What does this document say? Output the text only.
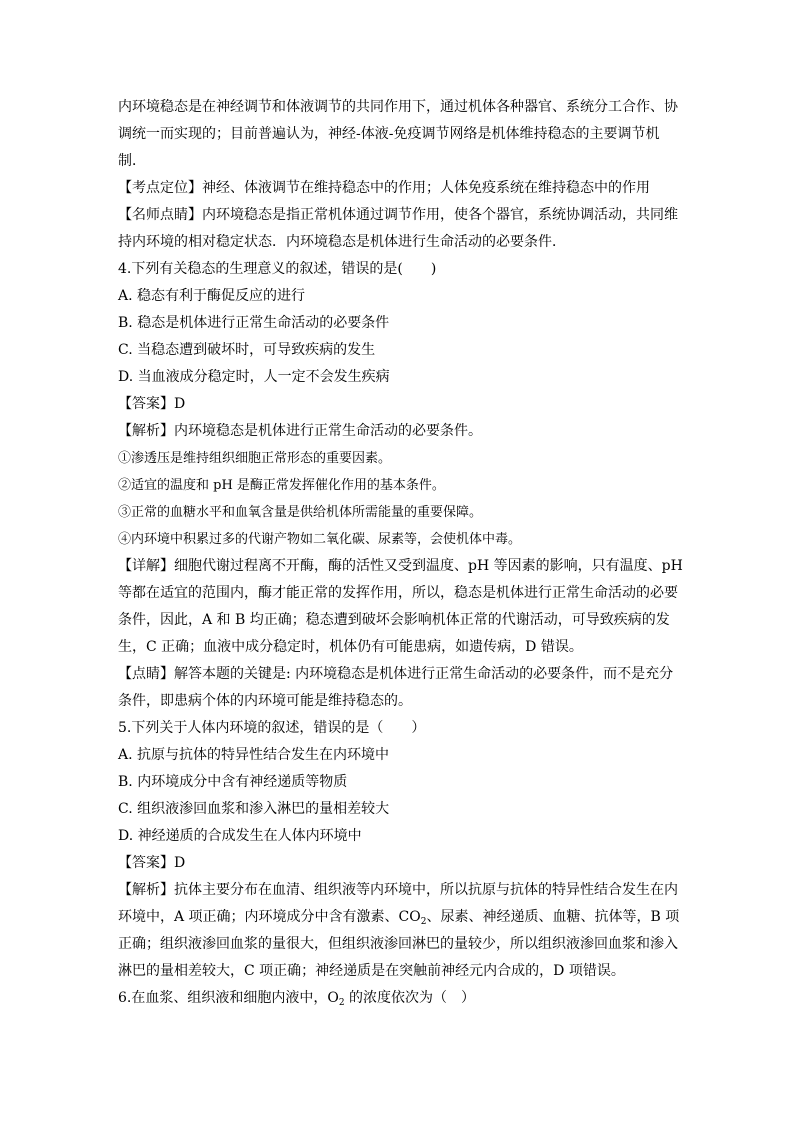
内环境稳态是在神经调节和体液调节的共同作用下，通过机体各种器官、系统分工合作、协
调统一而实现的；目前普遍认为，神经-体液-免疫调节网络是机体维持稳态的主要调节机
制．
【考点定位】神经、体液调节在维持稳态中的作用；人体免疫系统在维持稳态中的作用
【名师点睛】内环境稳态是指正常机体通过调节作用，使各个器官，系统协调活动，共同维
持内环境的相对稳定状态．内环境稳态是机体进行生命活动的必要条件．
4.下列有关稳态的生理意义的叙述，错误的是(　　)
A. 稳态有利于酶促反应的进行
B. 稳态是机体进行正常生命活动的必要条件
C. 当稳态遭到破坏时，可导致疾病的发生
D. 当血液成分稳定时，人一定不会发生疾病
【答案】D
【解析】内环境稳态是机体进行正常生命活动的必要条件。
①渗透压是维持组织细胞正常形态的重要因素。
②适宜的温度和 pH 是酶正常发挥催化作用的基本条件。
③正常的血糖水平和血氧含量是供给机体所需能量的重要保障。
④内环境中积累过多的代谢产物如二氧化碳、尿素等，会使机体中毒。
【详解】细胞代谢过程离不开酶，酶的活性又受到温度、pH 等因素的影响，只有温度、pH
等都在适宜的范围内，酶才能正常的发挥作用，所以，稳态是机体进行正常生命活动的必要
条件，因此，A 和 B 均正确；稳态遭到破坏会影响机体正常的代谢活动，可导致疾病的发
生，C 正确；血液中成分稳定时，机体仍有可能患病，如遗传病，D 错误。
【点睛】解答本题的关键是: 内环境稳态是机体进行正常生命活动的必要条件，而不是充分
条件，即患病个体的内环境可能是维持稳态的。
5.下列关于人体内环境的叙述，错误的是（　　）
A. 抗原与抗体的特异性结合发生在内环境中
B. 内环境成分中含有神经递质等物质
C. 组织液渗回血浆和渗入淋巴的量相差较大
D. 神经递质的合成发生在人体内环境中
【答案】D
【解析】抗体主要分布在血清、组织液等内环境中，所以抗原与抗体的特异性结合发生在内
环境中，A 项正确；内环境成分中含有激素、$CO_2$、尿素、神经递质、血糖、抗体等，B 项
正确；组织液渗回血浆的量很大，但组织液渗回淋巴的量较少，所以组织液渗回血浆和渗入
淋巴的量相差较大，C 项正确；神经递质是在突触前神经元内合成的，D 项错误。
6.在血浆、组织液和细胞内液中，$O_2$ 的浓度依次为（　）
